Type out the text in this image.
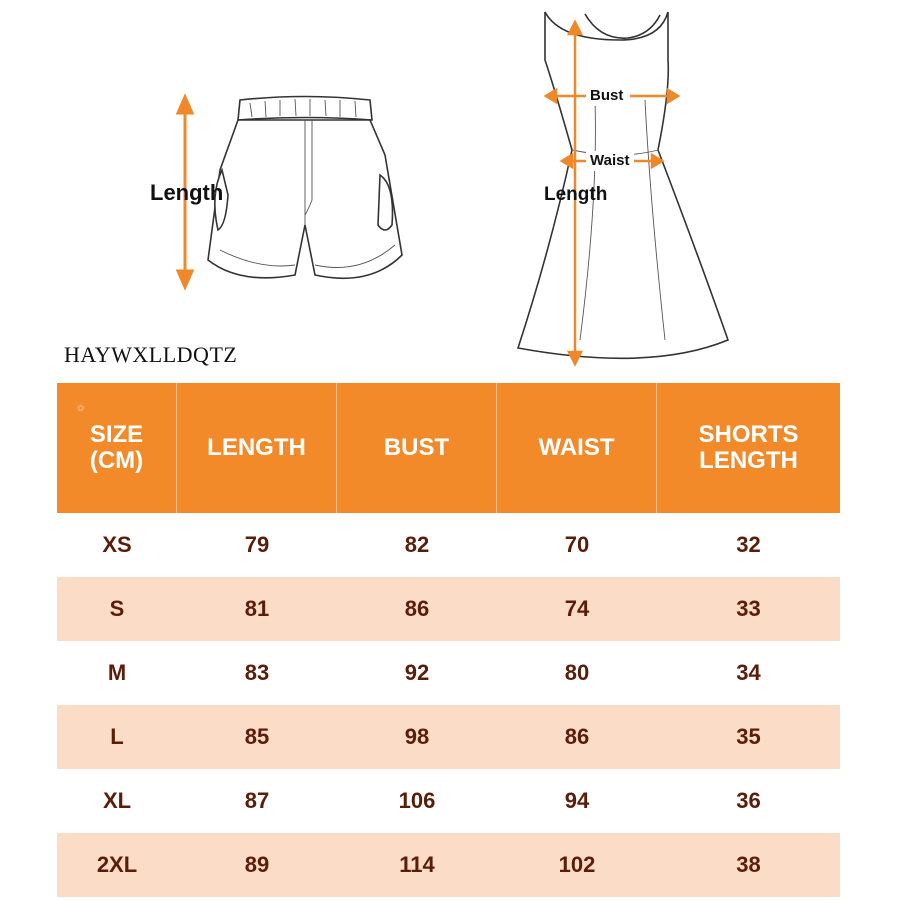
Length
Bust
Waist
Length
HAYWXLLDQTZ
✿
SIZE
(CM)	LENGTH	BUST	WAIST	SHORTS
LENGTH
XS	79	82	70	32
S	81	86	74	33
M	83	92	80	34
L	85	98	86	35
XL	87	106	94	36
2XL	89	114	102	38
